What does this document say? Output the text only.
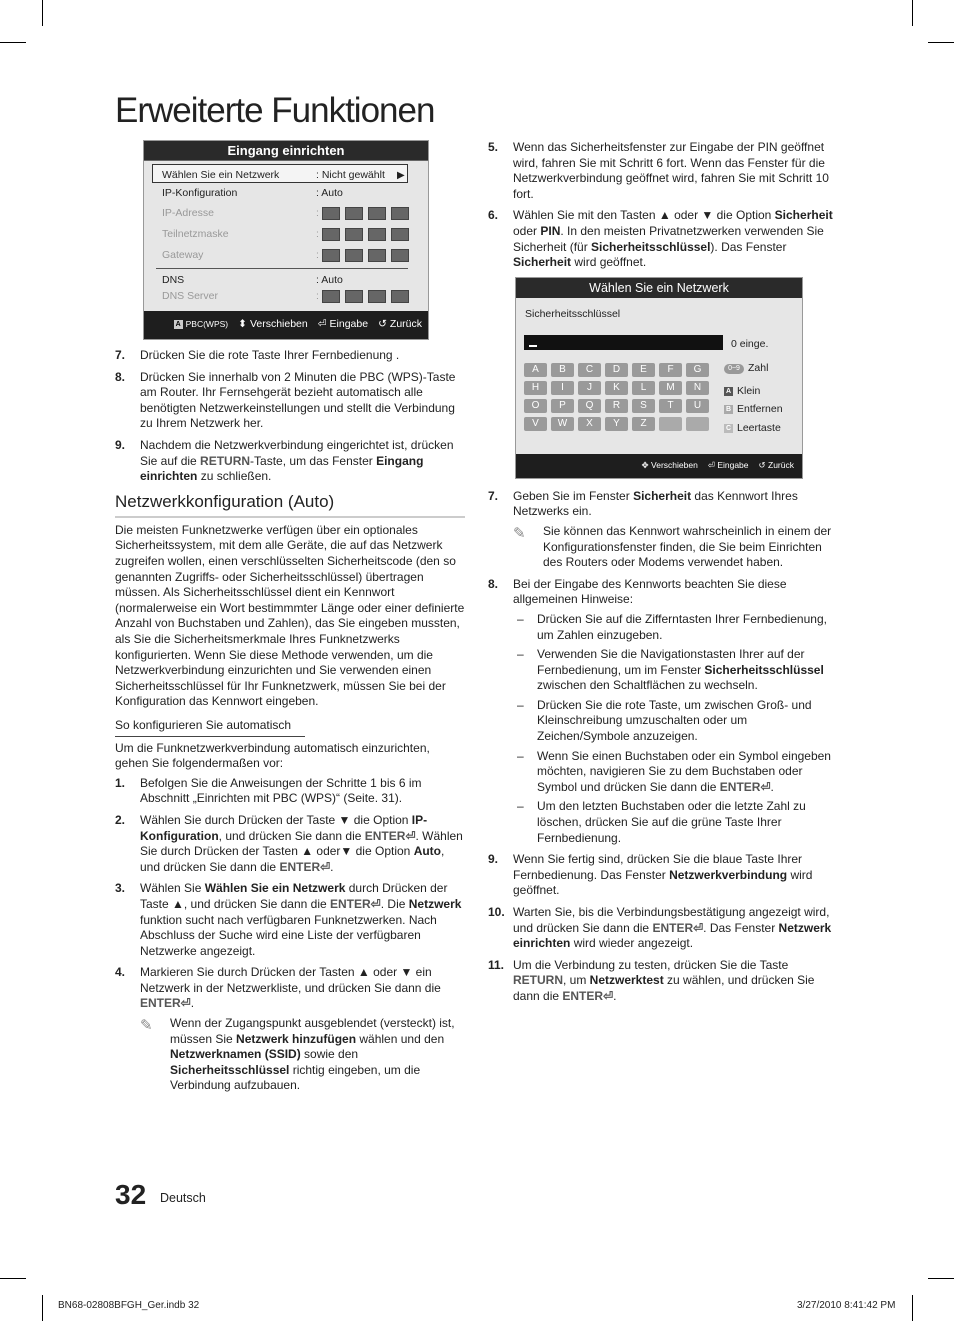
Erweiterte Funktionen
Eingang einrichten
Wählen Sie ein Netzwerk	: Nicht gewählt ▶
IP-Konfiguration	: Auto
IP-Adresse	:
Teilnetzmaske	:
Gateway	:
DNS	: Auto
DNS Server	:
A PBC(WPS) ⬍ Verschieben ⏎ Eingabe ↺ Zurück
7. Drücken Sie die rote Taste Ihrer Fernbedienung .
8. Drücken Sie innerhalb von 2 Minuten die PBC (WPS)-Taste am Router. Ihr Fernsehgerät bezieht automatisch alle benötigten Netzwerkeinstellungen und stellt die Verbindung zu Ihrem Netzwerk her.
9. Nachdem die Netzwerkverbindung eingerichtet ist, drücken Sie auf die RETURN-Taste, um das Fenster Eingang einrichten zu schließen.
Netzwerkkonfiguration (Auto)
Die meisten Funknetzwerke verfügen über ein optionales Sicherheitssystem, mit dem alle Geräte, die auf das Netzwerk zugreifen wollen, einen verschlüsselten Sicherheitscode (den so genannten Zugriffs- oder Sicherheitsschlüssel) übertragen müssen. Als Sicherheitsschlüssel dient ein Kennwort (normalerweise ein Wort bestimmmter Länge oder einer definierte Anzahl von Buchstaben und Zahlen), das Sie eingeben mussten, als Sie die Sicherheitsmerkmale Ihres Funknetzwerks konfigurierten. Wenn Sie diese Methode verwenden, um die Netzwerkverbindung einzurichten und Sie verwenden einen Sicherheitsschlüssel für Ihr Funknetzwerk, müssen Sie bei der Konfiguration das Kennwort eingeben.
So konfigurieren Sie automatisch
Um die Funknetzwerkverbindung automatisch einzurichten, gehen Sie folgendermaßen vor:
1. Befolgen Sie die Anweisungen der Schritte 1 bis 6 im Abschnitt „Einrichten mit PBC (WPS)“ (Seite. 31).
2. Wählen Sie durch Drücken der Taste ▼ die Option IP-Konfiguration, und drücken Sie dann die ENTER⏎. Wählen Sie durch Drücken der Tasten ▲ oder▼ die Option Auto, und drücken Sie dann die ENTER⏎.
3. Wählen Sie Wählen Sie ein Netzwerk durch Drücken der Taste ▲, und drücken Sie dann die ENTER⏎. Die Netzwerk funktion sucht nach verfügbaren Funknetzwerken. Nach Abschluss der Suche wird eine Liste der verfügbaren Netzwerke angezeigt.
4. Markieren Sie durch Drücken der Tasten ▲ oder ▼ ein Netzwerk in der Netzwerkliste, und drücken Sie dann die ENTER⏎.
✎ Wenn der Zugangspunkt ausgeblendet (versteckt) ist, müssen Sie Netzwerk hinzufügen wählen und den Netzwerknamen (SSID) sowie den Sicherheitsschlüssel richtig eingeben, um die Verbindung aufzubauen.
5. Wenn das Sicherheitsfenster zur Eingabe der PIN geöffnet wird, fahren Sie mit Schritt 6 fort. Wenn das Fenster für die Netzwerkverbindung geöffnet wird, fahren Sie mit Schritt 10 fort.
6. Wählen Sie mit den Tasten ▲ oder ▼ die Option Sicherheit oder PIN. In den meisten Privatnetzwerken verwenden Sie Sicherheit (für Sicherheitsschlüssel). Das Fenster Sicherheit wird geöffnet.
Wählen Sie ein Netzwerk
Sicherheitsschlüssel
0 einge.
A	B	C	D	E	F	G
H	I	J	K	L	M	N
O	P	Q	R	S	T	U
V	W	X	Y	Z
0~9 Zahl
A Klein
B Entfernen
C Leertaste
✥ Verschieben ⏎ Eingabe ↺ Zurück
7. Geben Sie im Fenster Sicherheit das Kennwort Ihres Netzwerks ein.
✎ Sie können das Kennwort wahrscheinlich in einem der Konfigurationsfenster finden, die Sie beim Einrichten des Routers oder Modems verwendet haben.
8. Bei der Eingabe des Kennworts beachten Sie diese allgemeinen Hinweise:
– Drücken Sie auf die Zifferntasten Ihrer Fernbedienung, um Zahlen einzugeben.
– Verwenden Sie die Navigationstasten Ihrer auf der Fernbedienung, um im Fenster Sicherheitsschlüssel zwischen den Schaltflächen zu wechseln.
– Drücken Sie die rote Taste, um zwischen Groß- und Kleinschreibung umzuschalten oder um Zeichen/Symbole anzuzeigen.
– Wenn Sie einen Buchstaben oder ein Symbol eingeben möchten, navigieren Sie zu dem Buchstaben oder Symbol und drücken Sie dann die ENTER⏎.
– Um den letzten Buchstaben oder die letzte Zahl zu löschen, drücken Sie auf die grüne Taste Ihrer Fernbedienung.
9. Wenn Sie fertig sind, drücken Sie die blaue Taste Ihrer Fernbedienung. Das Fenster Netzwerkverbindung wird geöffnet.
10. Warten Sie, bis die Verbindungsbestätigung angezeigt wird, und drücken Sie dann die ENTER⏎. Das Fenster Netzwerk einrichten wird wieder angezeigt.
11. Um die Verbindung zu testen, drücken Sie die Taste RETURN, um Netzwerktest zu wählen, und drücken Sie dann die ENTER⏎.
32 Deutsch
BN68-02808BFGH_Ger.indb 32	3/27/2010 8:41:42 PM
